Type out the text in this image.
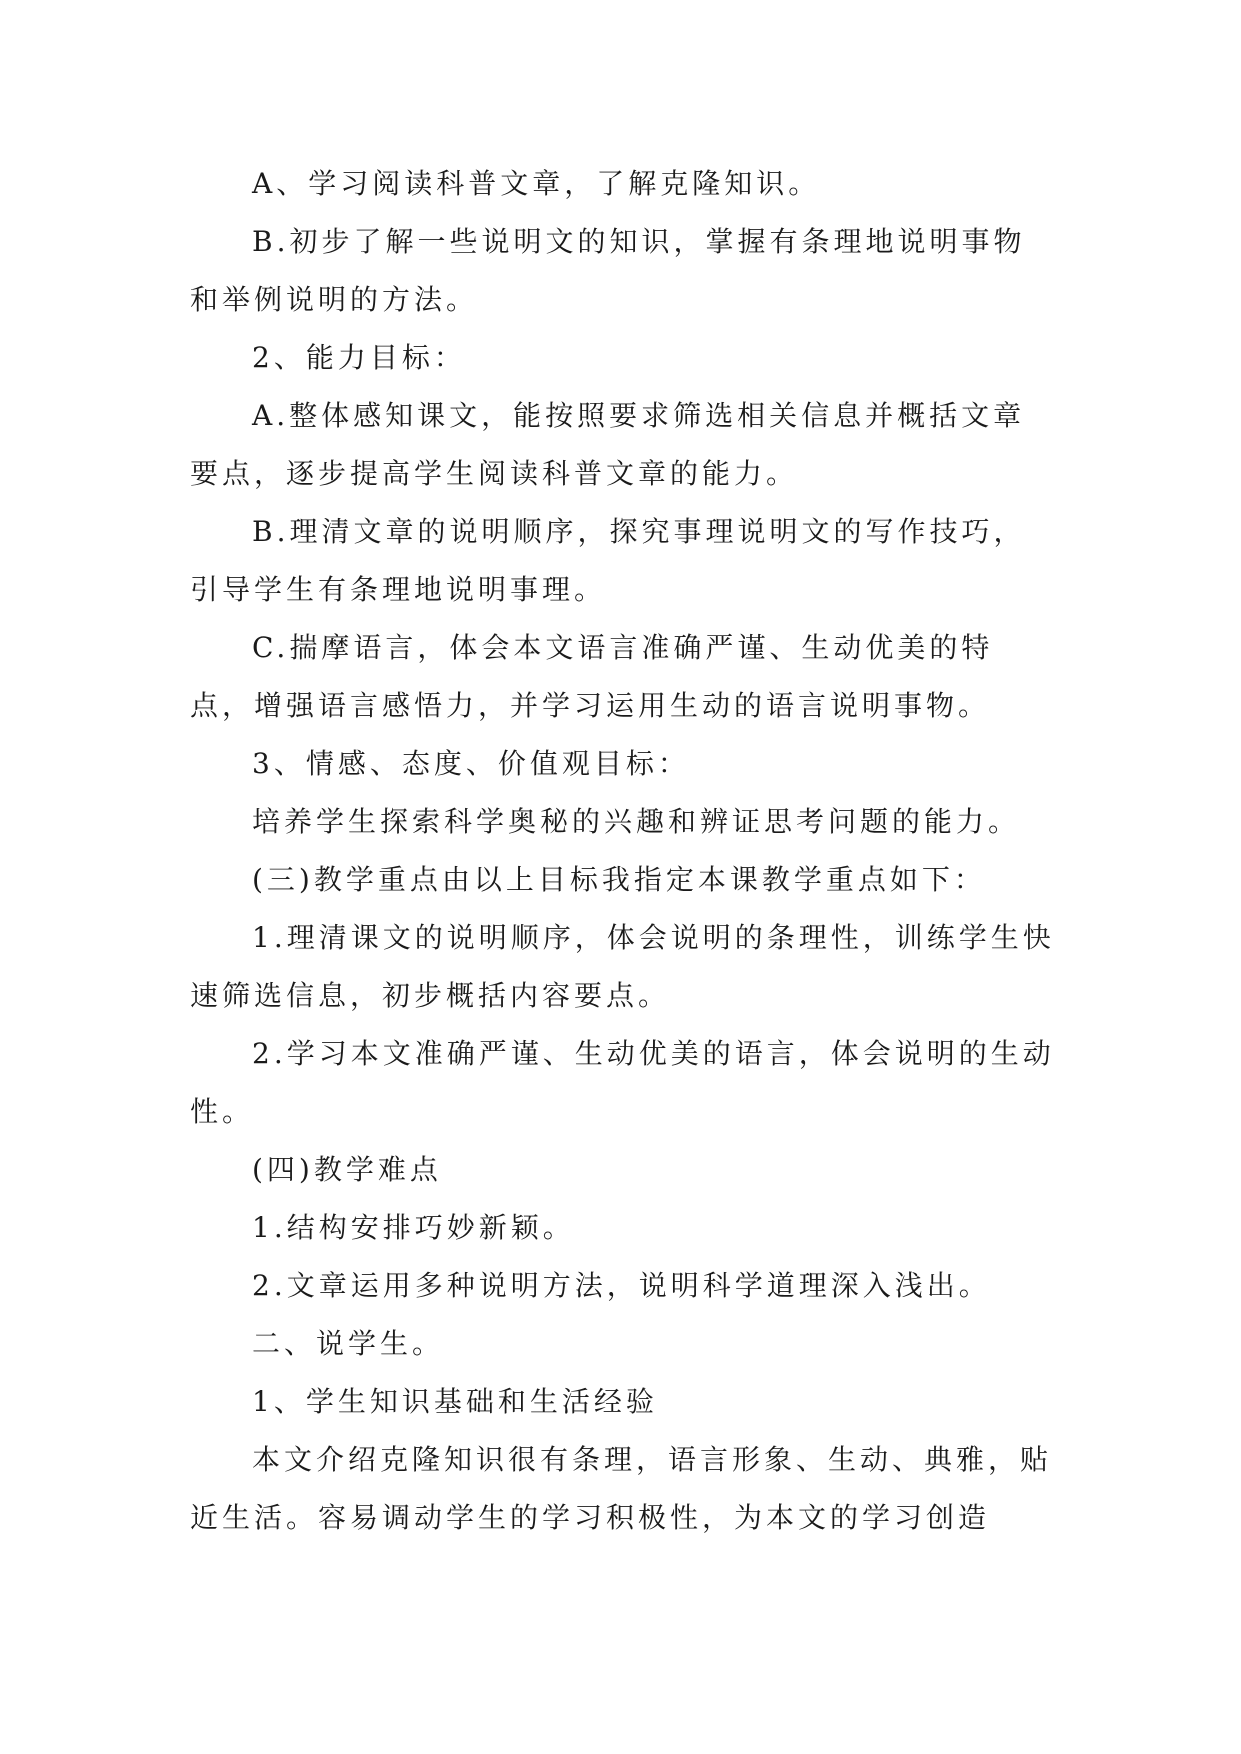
A、学习阅读科普文章，了解克隆知识。

B.初步了解一些说明文的知识，掌握有条理地说明事物和举例说明的方法。

2、能力目标：

A.整体感知课文，能按照要求筛选相关信息并概括文章要点，逐步提高学生阅读科普文章的能力。

B.理清文章的说明顺序，探究事理说明文的写作技巧，引导学生有条理地说明事理。

C.揣摩语言，体会本文语言准确严谨、生动优美的特点，增强语言感悟力，并学习运用生动的语言说明事物。

3、情感、态度、价值观目标：

培养学生探索科学奥秘的兴趣和辨证思考问题的能力。

(三)教学重点由以上目标我指定本课教学重点如下：

1.理清课文的说明顺序，体会说明的条理性，训练学生快速筛选信息，初步概括内容要点。

2.学习本文准确严谨、生动优美的语言，体会说明的生动性。

(四)教学难点

1.结构安排巧妙新颖。

2.文章运用多种说明方法，说明科学道理深入浅出。

二、说学生。

1、学生知识基础和生活经验

本文介绍克隆知识很有条理，语言形象、生动、典雅，贴近生活。容易调动学生的学习积极性，为本文的学习创造
